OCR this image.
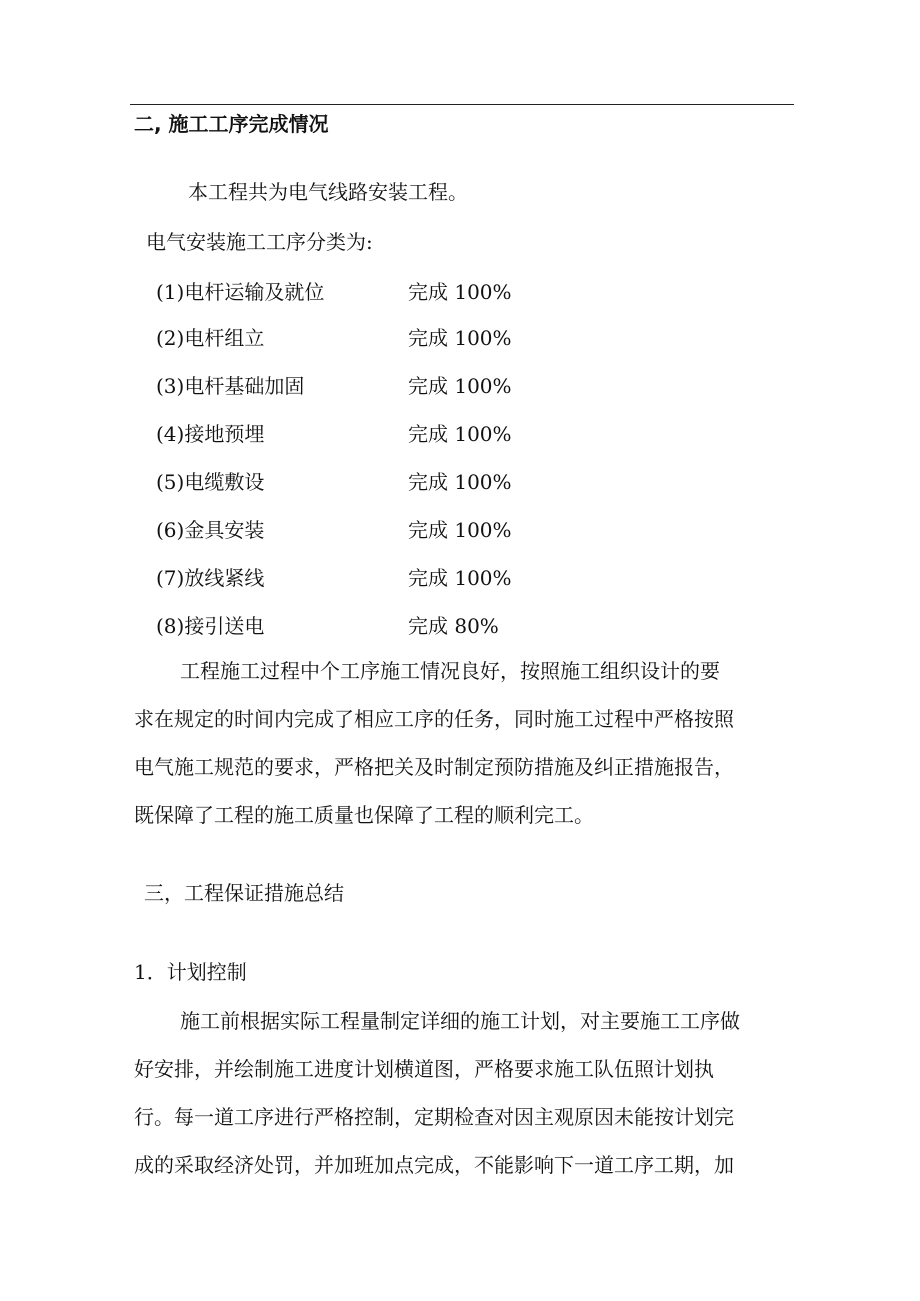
二, 施工工序完成情况
本工程共为电气线路安装工程。
电气安装施工工序分类为:
(1)电杆运输及就位	完成 100%
(2)电杆组立	完成 100%
(3)电杆基础加固	完成 100%
(4)接地预埋	完成 100%
(5)电缆敷设	完成 100%
(6)金具安装	完成 100%
(7)放线紧线	完成 100%
(8)接引送电	完成 80%

工程施工过程中个工序施工情况良好，按照施工组织设计的要
求在规定的时间内完成了相应工序的任务，同时施工过程中严格按照
电气施工规范的要求，严格把关及时制定预防措施及纠正措施报告，
既保障了工程的施工质量也保障了工程的顺利完工。

三，工程保证措施总结
1．计划控制

施工前根据实际工程量制定详细的施工计划，对主要施工工序做
好安排，并绘制施工进度计划横道图，严格要求施工队伍照计划执
行。每一道工序进行严格控制，定期检查对因主观原因未能按计划完
成的采取经济处罚，并加班加点完成，不能影响下一道工序工期，加
